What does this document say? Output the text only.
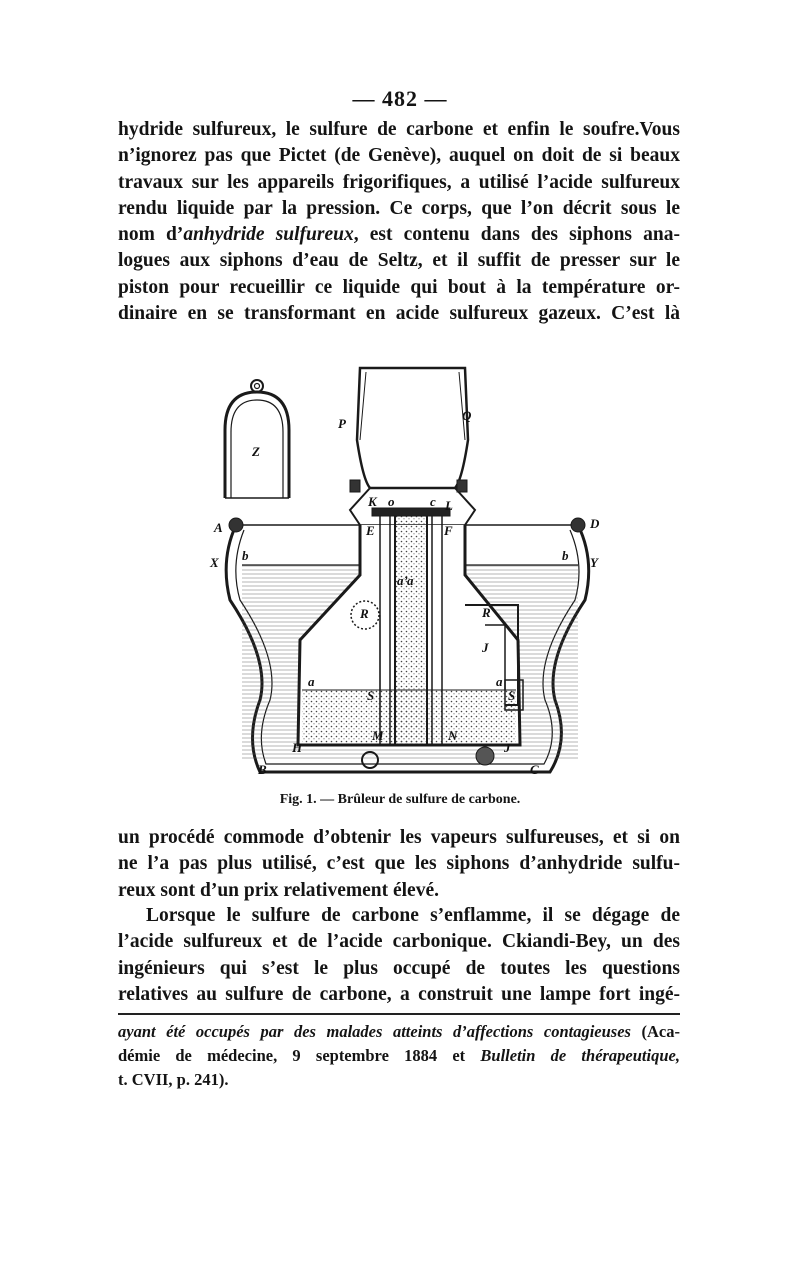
— 482 —

hydride sulfureux, le sulfure de carbone et enfin le soufre.Vous
n’ignorez pas que Pictet (de Genève), auquel on doit de si beaux
travaux sur les appareils frigorifiques, a utilisé l’acide sulfureux
rendu liquide par la pression. Ce corps, que l’on décrit sous le
nom d’anhydride sulfureux, est contenu dans des siphons ana-
logues aux siphons d’eau de Seltz, et il suffit de presser sur le
piston pour recueillir ce liquide qui bout à la température or-
dinaire en se transformant en acide sulfureux gazeux. C’est là

Z
P
Q
A	D
X	Y
b	b
K o	c L
E	F
a’ a
R	R
J
S	S
a	a
M	N
H	J
B	C
Fig. 1. — Brûleur de sulfure de carbone.

un procédé commode d’obtenir les vapeurs sulfureuses, et si on
ne l’a pas plus utilisé, c’est que les siphons d’anhydride sulfu-
reux sont d’un prix relativement élevé.

Lorsque le sulfure de carbone s’enflamme, il se dégage de
l’acide sulfureux et de l’acide carbonique. Ckiandi-Bey, un des
ingénieurs qui s’est le plus occupé de toutes les questions
relatives au sulfure de carbone, a construit une lampe fort ingé-

ayant été occupés par des malades atteints d’affections contagieuses (Aca-
démie de médecine, 9 septembre 1884 et Bulletin de thérapeutique,
t. CVII, p. 241).
